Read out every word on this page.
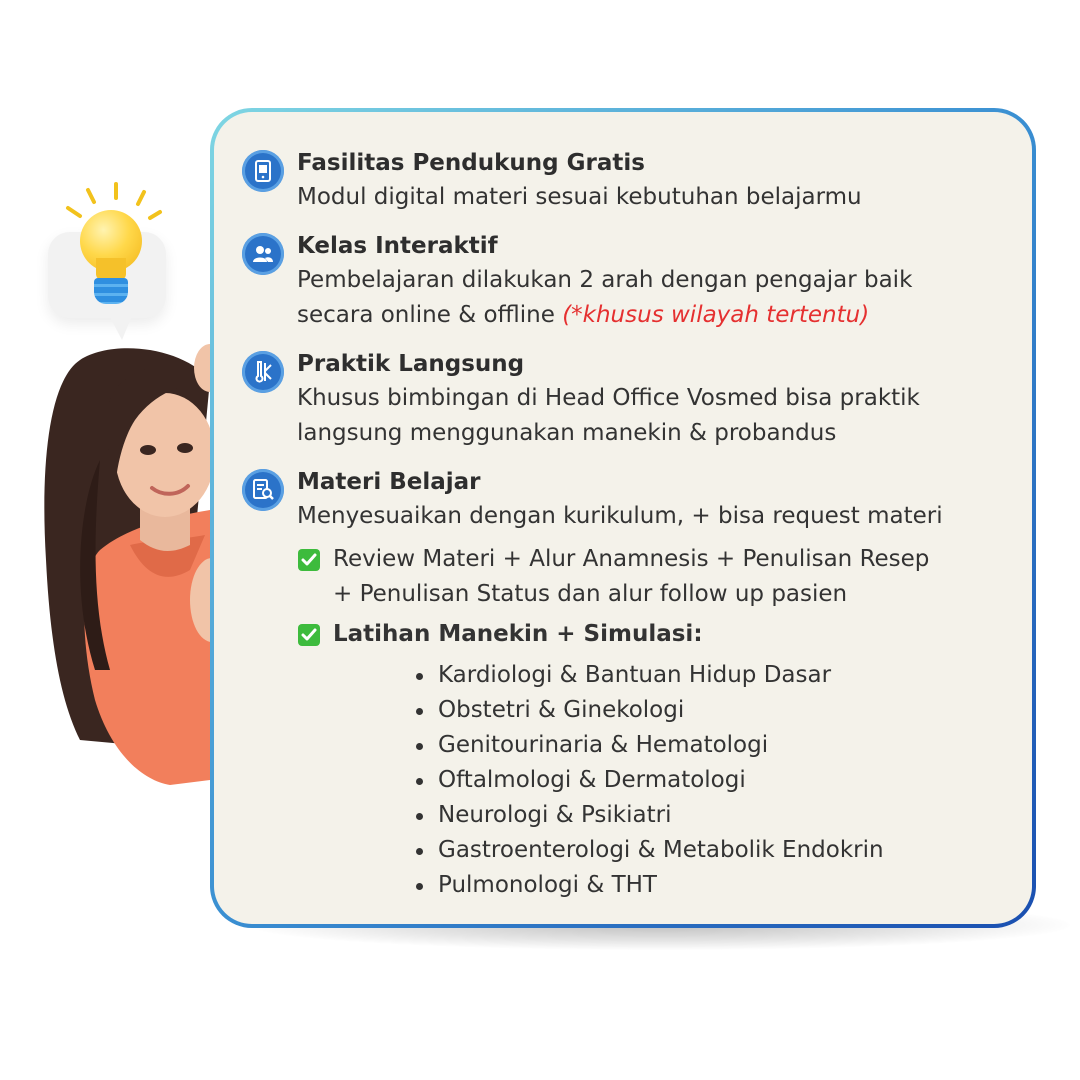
Fasilitas Pendukung Gratis
Modul digital materi sesuai kebutuhan belajarmu
Kelas Interaktif
Pembelajaran dilakukan 2 arah dengan pengajar baik
secara online & offline (*khusus wilayah tertentu)
Praktik Langsung
Khusus bimbingan di Head Office Vosmed bisa praktik
langsung menggunakan manekin & probandus
Materi Belajar
Menyesuaikan dengan kurikulum, + bisa request materi
Review Materi + Alur Anamnesis + Penulisan Resep
+ Penulisan Status dan alur follow up pasien
Latihan Manekin + Simulasi:
Kardiologi & Bantuan Hidup Dasar
Obstetri & Ginekologi
Genitourinaria & Hematologi
Oftalmologi & Dermatologi
Neurologi & Psikiatri
Gastroenterologi & Metabolik Endokrin
Pulmonologi & THT
